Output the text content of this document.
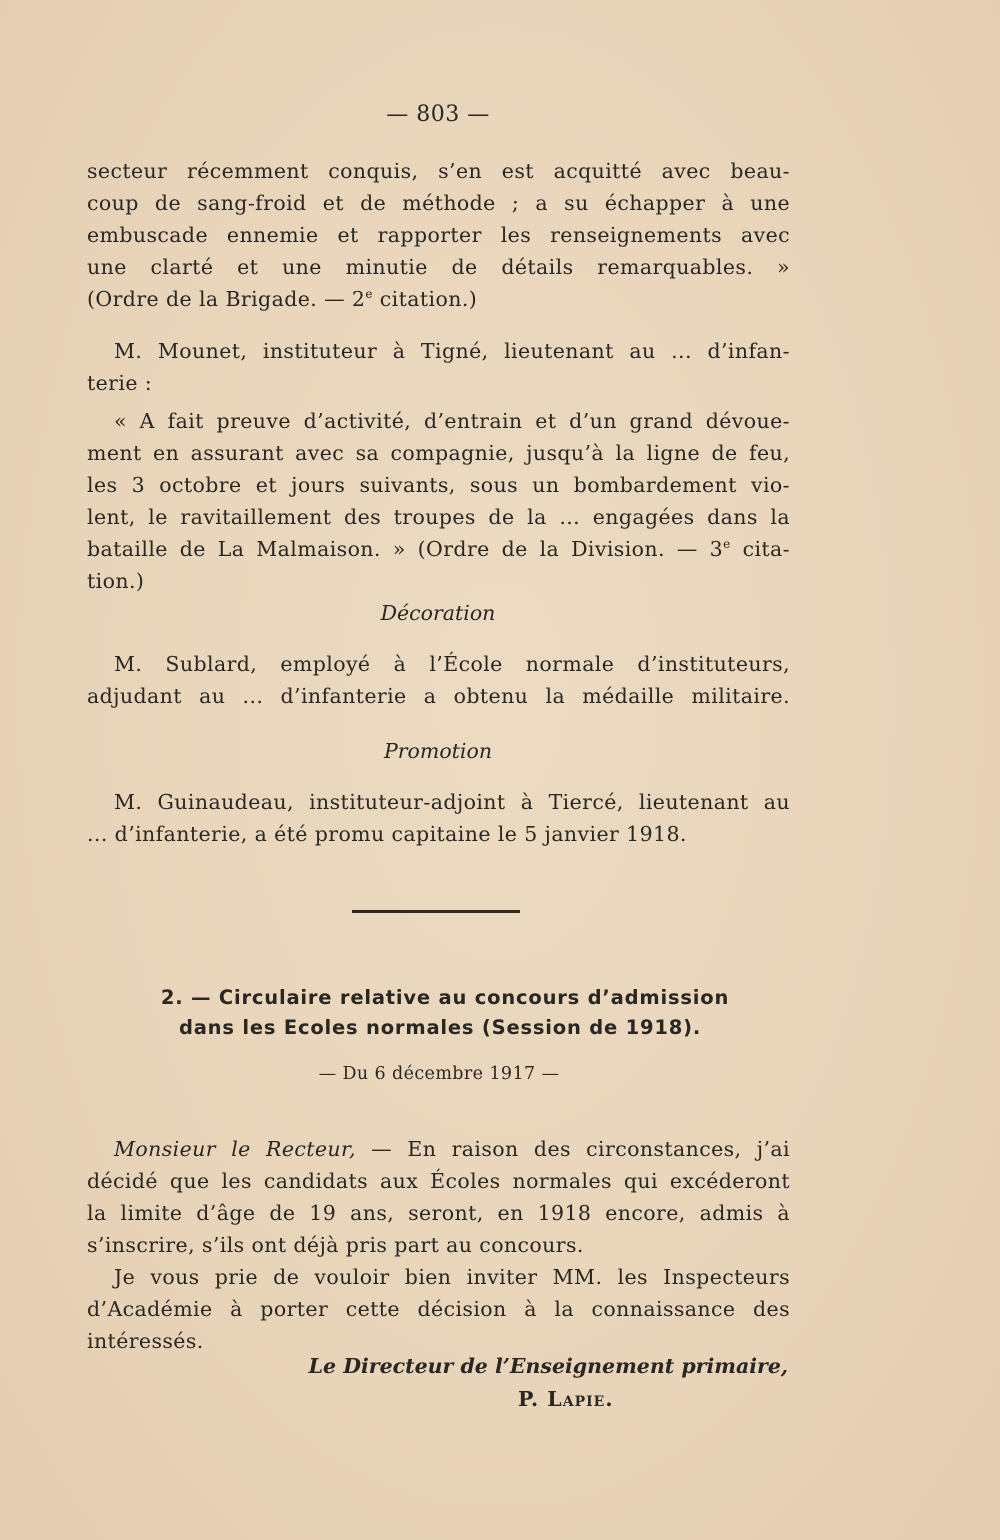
— 803 —
secteur récemment conquis, s’en est acquitté avec beau-
coup de sang-froid et de méthode ; a su échapper à une
embuscade ennemie et rapporter les renseignements avec
une clarté et une minutie de détails remarquables. »
(Ordre de la Brigade. — 2e citation.)
M. Mounet, instituteur à Tigné, lieutenant au ... d’infan-
terie :
« A fait preuve d’activité, d’entrain et d’un grand dévoue-
ment en assurant avec sa compagnie, jusqu’à la ligne de feu,
les 3 octobre et jours suivants, sous un bombardement vio-
lent, le ravitaillement des troupes de la ... engagées dans la
bataille de La Malmaison. » (Ordre de la Division. — 3e cita-
tion.)
Décoration
M. Sublard, employé à l’École normale d’instituteurs,
adjudant au ... d’infanterie a obtenu la médaille militaire.
Promotion
M. Guinaudeau, instituteur-adjoint à Tiercé, lieutenant au
... d’infanterie, a été promu capitaine le 5 janvier 1918.
2. — Circulaire relative au concours d’admission
dans les Ecoles normales (Session de 1918).
— Du 6 décembre 1917 —
Monsieur le Recteur, — En raison des circonstances, j’ai
décidé que les candidats aux Écoles normales qui excéderont
la limite d’âge de 19 ans, seront, en 1918 encore, admis à
s’inscrire, s’ils ont déjà pris part au concours.
Je vous prie de vouloir bien inviter MM. les Inspecteurs
d’Académie à porter cette décision à la connaissance des
intéressés.
Le Directeur de l’Enseignement primaire,
P. Lapie.
